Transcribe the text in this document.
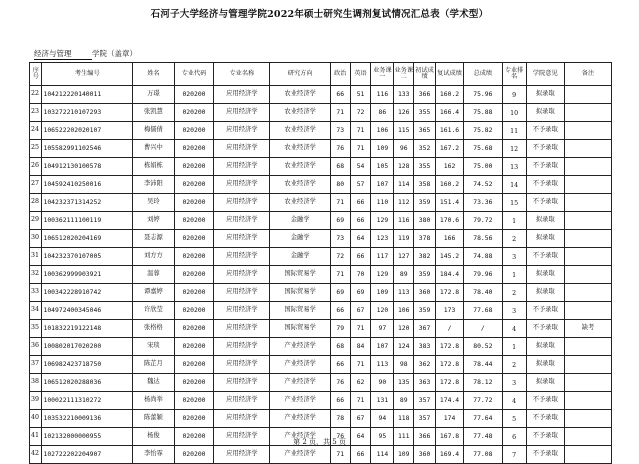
石河子大学经济与管理学院2022年硕士研究生调剂复试情况汇总表（学术型）
经济与管理	学院（盖章）
序号	考生编号	姓名	专业代码	专业名称	研究方向	政治	英语	业务课一	业务课二	初试成绩	复试成绩	总成绩	专业排名	学院意见	备注
22	104212220140011	万璟	020200	应用经济学	农业经济学	66	51	116	133	366	160.2	75.96	9	拟录取	
23	103272210107293	张凯慧	020200	应用经济学	农业经济学	71	72	86	126	355	166.4	75.88	10	拟录取	
24	106522202020107	梅儒倩	020200	应用经济学	农业经济学	73	71	106	115	365	161.6	75.82	11	不予录取	
25	105582991102546	曹兴中	020200	应用经济学	农业经济学	76	71	109	96	352	167.2	75.68	12	不予录取	
26	104912130100578	栋娟栋	020200	应用经济学	农业经济学	68	54	105	128	355	162	75.00	13	不予录取	
27	104592410250016	李沛阳	020200	应用经济学	农业经济学	80	57	107	114	358	160.2	74.52	14	不予录取	
28	104232371314252	吴玲	020200	应用经济学	农业经济学	71	66	110	112	359	151.4	73.36	15	不予录取	
29	100362111100119	刘婷	020200	应用经济学	金融学	69	66	129	116	380	170.6	79.72	1	拟录取	
30	106512020204169	聂志源	020200	应用经济学	金融学	73	64	123	119	378	166	78.56	2	拟录取	
31	104232370107005	刘方方	020200	应用经济学	金融学	72	66	117	127	382	145.2	74.88	3	不予录取	
32	100362999903921	温蓉	020200	应用经济学	国际贸易学	71	70	129	89	359	184.4	79.96	1	拟录取	
33	100342228910742	谭嘉婷	020200	应用经济学	国际贸易学	69	69	109	113	360	172.8	78.40	2	拟录取	
34	104972400345046	许欣莹	020200	应用经济学	国际贸易学	66	67	120	106	359	173	77.68	3	不予录取	
35	101832219122148	张格格	020200	应用经济学	国际贸易学	79	71	97	120	367	/	/	4	不予录取	缺考
36	100802017020200	宋琰	020200	应用经济学	产业经济学	68	84	107	124	383	172.8	80.52	1	拟录取	
37	106982423718750	陈芷月	020200	应用经济学	产业经济学	66	71	113	98	362	172.8	78.44	2	拟录取	
38	106512020288036	魏达	020200	应用经济学	产业经济学	76	62	90	135	363	172.8	78.12	3	拟录取	
39	100022111310272	杨尚举	020200	应用经济学	产业经济学	66	71	131	89	357	174.4	77.72	4	不予录取	
40	103532210009136	陈蕾颖	020200	应用经济学	产业经济学	78	67	94	118	357	174	77.64	5	不予录取	
41	102132000000955	杨俊	020200	应用经济学	产业经济学	76	64	95	111	366	167.8	77.48	6	不予录取	
42	102722202204907	李怡霏	020200	应用经济学	产业经济学	71	66	114	109	360	169.4	77.08	7	不予录取	
第 2 页，共 5 页
